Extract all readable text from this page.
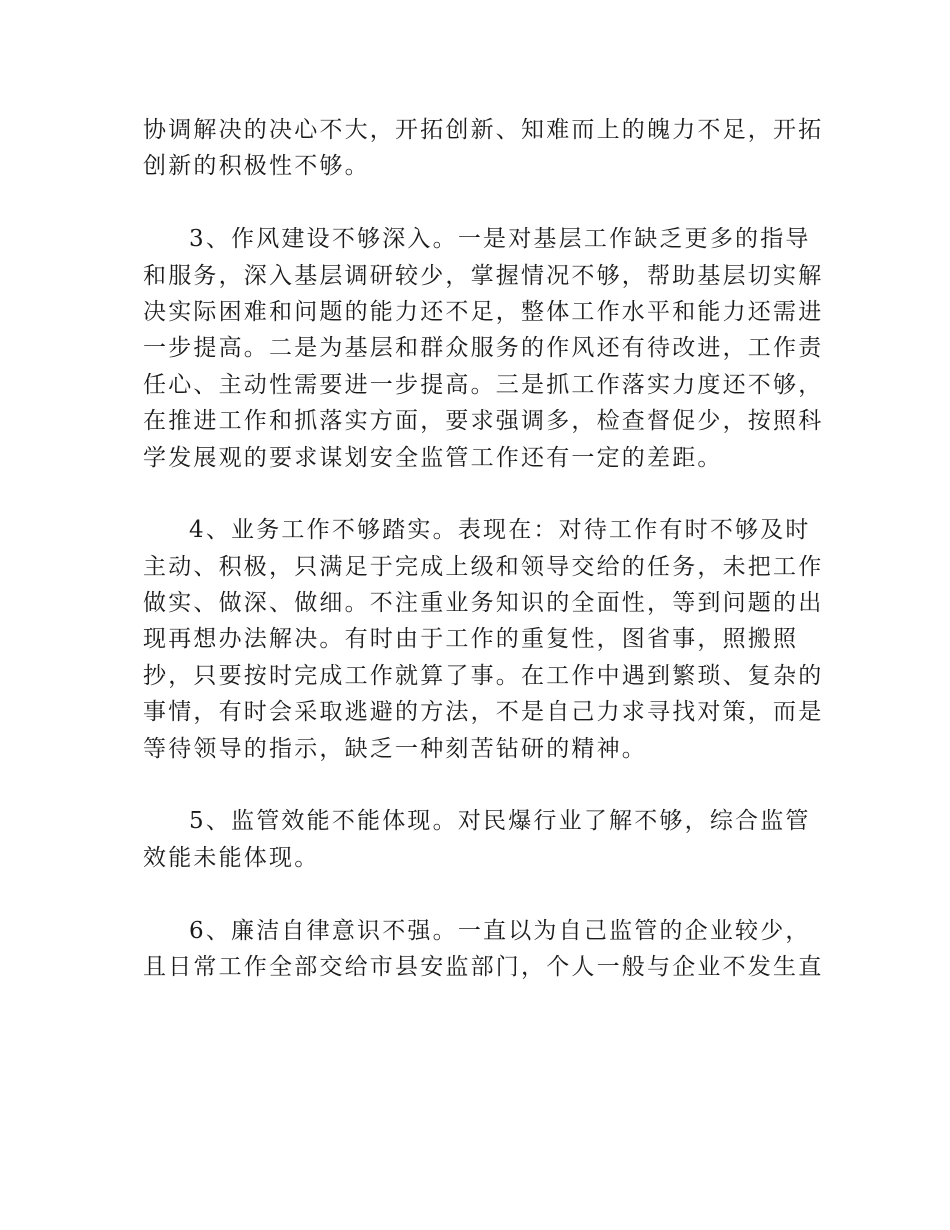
协调解决的决心不大，开拓创新、知难而上的魄力不足，开拓
创新的积极性不够。
3、作风建设不够深入。一是对基层工作缺乏更多的指导
和服务，深入基层调研较少，掌握情况不够，帮助基层切实解
决实际困难和问题的能力还不足，整体工作水平和能力还需进
一步提高。二是为基层和群众服务的作风还有待改进，工作责
任心、主动性需要进一步提高。三是抓工作落实力度还不够，
在推进工作和抓落实方面，要求强调多，检查督促少，按照科
学发展观的要求谋划安全监管工作还有一定的差距。
4、业务工作不够踏实。表现在：对待工作有时不够及时
主动、积极，只满足于完成上级和领导交给的任务，未把工作
做实、做深、做细。不注重业务知识的全面性，等到问题的出
现再想办法解决。有时由于工作的重复性，图省事，照搬照
抄，只要按时完成工作就算了事。在工作中遇到繁琐、复杂的
事情，有时会采取逃避的方法，不是自己力求寻找对策，而是
等待领导的指示，缺乏一种刻苦钻研的精神。
5、监管效能不能体现。对民爆行业了解不够，综合监管
效能未能体现。
6、廉洁自律意识不强。一直以为自己监管的企业较少，
且日常工作全部交给市县安监部门，个人一般与企业不发生直
